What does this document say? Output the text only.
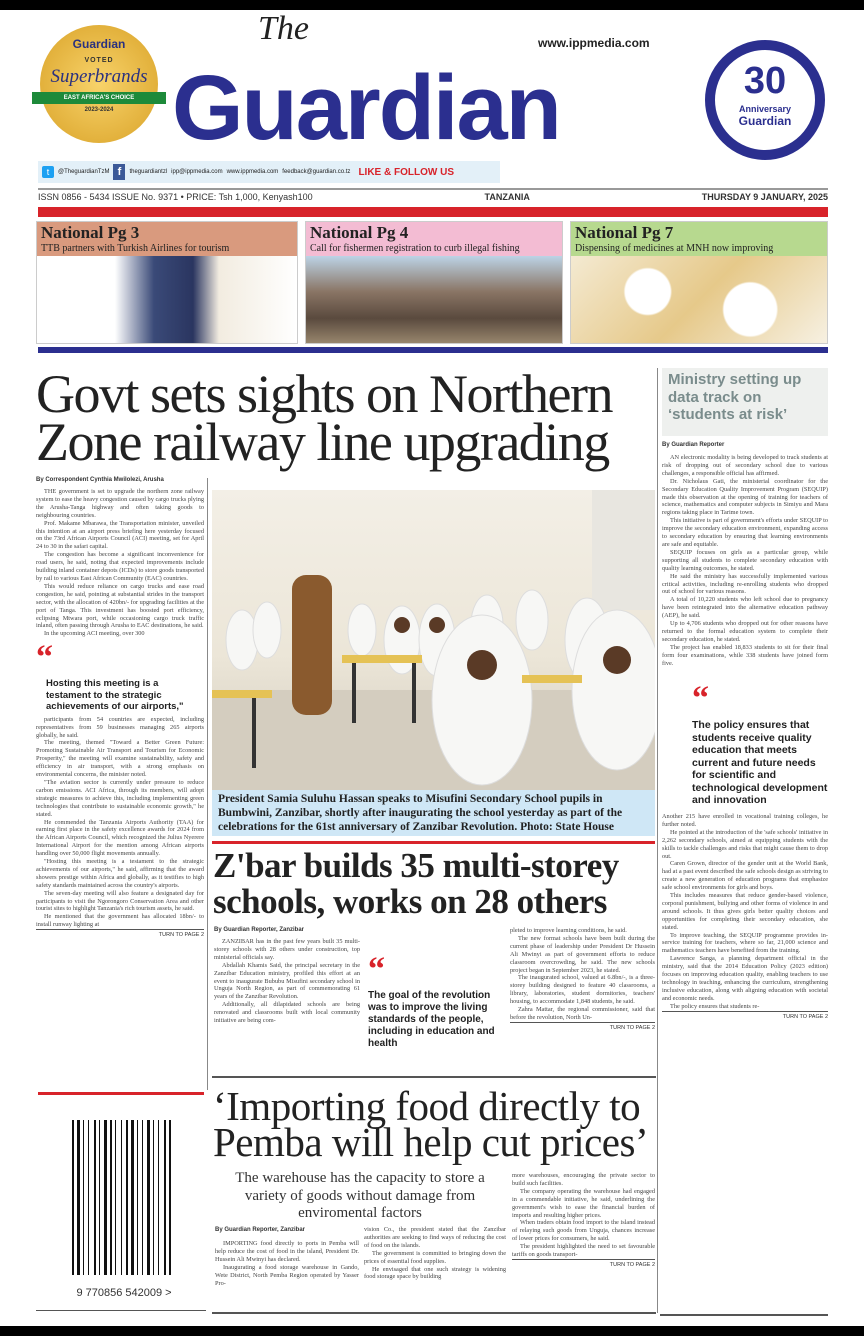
Guardian
VOTED
Superbrands
EAST AFRICA'S CHOICE
2023-2024
The
Guardian
www.ippmedia.com
30
Anniversary
Guardian
t	@TheguardianTzM f	theguardiantzl ipp@ippmedia.com www.ippmedia.com feedback@guardian.co.tz LIKE & FOLLOW US
ISSN 0856 - 5434 ISSUE No. 9371 • PRICE: Tsh 1,000, Kenyash100	TANZANIA	THURSDAY 9 JANUARY, 2025
National Pg 3
TTB partners with Turkish Airlines for tourism
National Pg 4
Call for fishermen registration to curb illegal fishing
National Pg 7
Dispensing of medicines at MNH now improving
Govt sets sights on Northern Zone railway line upgrading
By Correspondent Cynthia Mwilolezi, Arusha

THE government is set to upgrade the northern zone railway system to ease the heavy congestion caused by cargo trucks plying the Arusha-Tanga highway and often taking goods to neighbouring countries.

Prof. Makame Mbarawa, the Transportation minister, unveiled this intention at an airport press briefing here yesterday focused on the 73rd African Airports Council (ACI) meeting, set for April 24 to 30 in the safari capital.

The congestion has become a significant inconvenience for road users, he said, noting that expected improvements include building inland container depots (ICDs) to store goods transported by rail to various East African Community (EAC) countries.

This would reduce reliance on cargo trucks and ease road congestion, he said, pointing at substantial strides in the transport sector, with the allocation of 420bn/- for upgrading facilities at the port of Tanga. This investment has boosted port efficiency, eclipsing Mtwara port, while occasioning cargo truck traffic inland, often passing through Arusha to EAC destinations, he said.

In the upcoming ACI meeting, over 300

“
Hosting this meeting is a testament to the strategic achievements of our airports,"

participants from 54 countries are expected, including representatives from 59 businesses managing 265 airports globally, he said.

The meeting, themed "Toward a Better Green Future: Promoting Sustainable Air Transport and Tourism for Economic Prosperity," the meeting will examine sustainability, safety and efficiency in air transport, with a strong emphasis on environmental concerns, the minister noted.

"The aviation sector is currently under pressure to reduce carbon emissions. ACI Africa, through its members, will adopt strategic measures to achieve this, including implementing green technologies that contribute to sustainable economic growth," he stated.

He commended the Tanzania Airports Authority (TAA) for earning first place in the safety excellence awards for 2024 from the African Airports Council, which recognized the Julius Nyerere International Airport for the mention among African airports handling over 50,000 flight movements annually.

"Hosting this meeting is a testament to the strategic achievements of our airports," he said, affirming that the award showers prestige within Africa and globally, as it testifies to high safety standards maintained across the country's airports.

The seven-day meeting will also feature a designated day for participants to visit the Ngorongoro Conservation Area and other tourist sites to highlight Tanzania's rich tourism assets, he said.

He mentioned that the government has allocated 18bn/- to install runway lighting at

TURN TO PAGE 2
9 770856 542009 >
President Samia Suluhu Hassan speaks to Misufini Secondary School pupils in Bumbwini, Zanzibar, shortly after inaugurating the school yesterday as part of the celebrations for the 61st anniversary of Zanzibar Revolution. Photo: State House
Z'bar builds 35 multi-storey schools, works on 28 others
By Guardian Reporter, Zanzibar

ZANZIBAR has in the past few years built 35 multi-storey schools with 28 others under construction, top ministerial officials say.

Abdallah Khamis Said, the principal secretary in the Zanzibar Education ministry, profiled this effort at an event to inaugurate Bububu Misufini secondary school in Unguja North Region, as part of commemorating 61 years of the Zanzibar Revolution.

Additionally, all dilapidated schools are being renovated and classrooms built with local community initiative are being com-

“
The goal of the revolution was to improve the living standards of the people, including in education and health

pleted to improve learning conditions, he said.

The new format schools have been built during the current phase of leadership under President Dr Hussein Ali Mwinyi as part of government efforts to reduce classroom overcrowding, he said. The new schools project began in September 2023, he stated.

The inaugurated school, valued at 6.8bn/-, is a three-storey building designed to feature 40 classrooms, a library, laboratories, student dormitories, teachers' housing, to accommodate 1,848 students, he said.

Zahra Mattar, the regional commissioner, said that before the revolution, North Un-

TURN TO PAGE 2
‘Importing food directly to Pemba will help cut prices’
The warehouse has the capacity to store a variety of goods without damage from enviromental factors
By Guardian Reporter, Zanzibar

IMPORTING food directly to ports in Pemba will help reduce the cost of food in the island, President Dr. Hussein Ali Mwinyi has declared.

Inaugurating a food storage warehouse in Gando, Wete District, North Pemba Region operated by Yasser Pro-

vision Co., the president stated that the Zanzibar authorities are seeking to find ways of reducing the cost of food on the islands.

The government is committed to bringing down the prices of essential food supplies.

He envisaged that one such strategy is widening food storage space by building

more warehouses, encouraging the private sector to build such facilities.

The company operating the warehouse had engaged in a commendable initiative, he said, underlining the government's wish to ease the financial burden of imports and resulting higher prices.

When traders obtain food import to the island instead of relaying such goods from Unguja, chances increase of lower prices for consumers, he said.

The president highlighted the need to set favourable tariffs on goods transport-

TURN TO PAGE 2
Ministry setting up data track on ‘students at risk’
By Guardian Reporter

AN electronic modality is being developed to track students at risk of dropping out of secondary school due to various challenges, a responsible official has affirmed.

Dr. Nicholaus Gati, the ministerial coordinator for the Secondary Education Quality Improvement Program (SEQUIP) made this observation at the opening of training for teachers of science, mathematics and computer subjects in Simiyu and Mara regions taking place in Tarime town.

This initiative is part of government's efforts under SEQUIP to improve the secondary education environment, expanding access to secondary education by ensuring that learning environments are safe and equitable.

SEQUIP focuses on girls as a particular group, while supporting all students to complete secondary education with quality learning outcomes, he stated.

He said the ministry has successfully implemented various critical activities, including re-enrolling students who dropped out of school for various reasons.

A total of 10,220 students who left school due to pregnancy have been reintegrated into the alternative education pathway (AEP), he said.

Up to 4,706 students who dropped out for other reasons have returned to the formal education system to complete their secondary education, he stated.

The project has enabled 18,833 students to sit for their final form four examinations, while 338 students have joined form five.

“
The policy ensures that students receive quality education that meets current and future needs for scientific and technological development and innovation

Another 215 have enrolled in vocational training colleges, he further noted.

He pointed at the introduction of the 'safe schools' initiative in 2,262 secondary schools, aimed at equipping students with the skills to tackle challenges and risks that might cause them to drop out.

Caren Grown, director of the gender unit at the World Bank, had at a past event described the safe schools design as striving to create a new generation of education programs that emphasize safe school environments for girls and boys.

This includes measures that reduce gender-based violence, corporal punishment, bullying and other forms of violence in and around schools. It thus gives girls better quality choices and opportunities for completing their secondary education, she stated.

To improve teaching, the SEQUIP programme provides in-service training for teachers, where so far, 21,000 science and mathematics teachers have benefited from the training.

Lawrence Sanga, a planning department official in the ministry, said that the 2014 Education Policy (2023 edition) focuses on improving education quality, enabling teachers to use technology in teaching, enhancing the curriculum, strengthening inclusive education, along with aligning education with societal and economic needs.

The policy ensures that students re-

TURN TO PAGE 2
